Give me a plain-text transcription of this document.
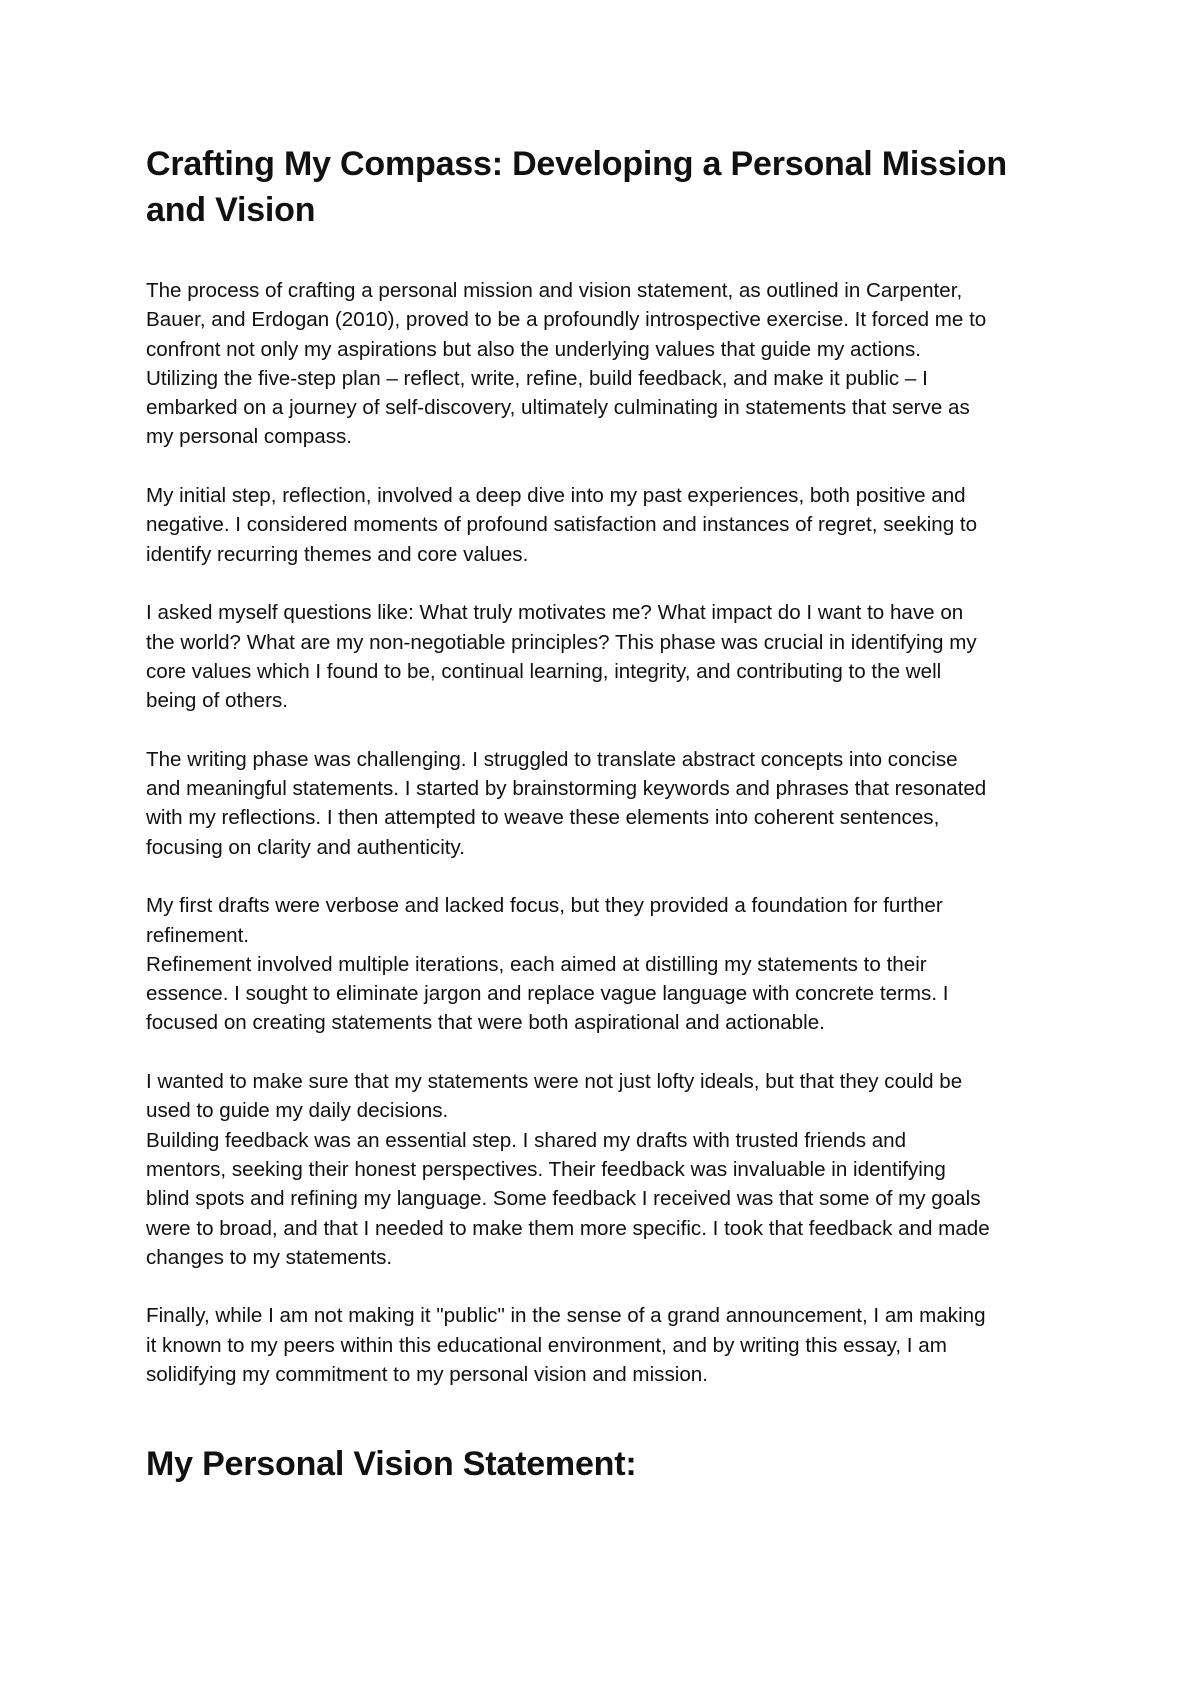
Crafting My Compass: Developing a Personal Mission
and Vision

The process of crafting a personal mission and vision statement, as outlined in Carpenter,
Bauer, and Erdogan (2010), proved to be a profoundly introspective exercise. It forced me to
confront not only my aspirations but also the underlying values that guide my actions.
Utilizing the five-step plan – reflect, write, refine, build feedback, and make it public – I
embarked on a journey of self-discovery, ultimately culminating in statements that serve as
my personal compass.

My initial step, reflection, involved a deep dive into my past experiences, both positive and
negative. I considered moments of profound satisfaction and instances of regret, seeking to
identify recurring themes and core values.

I asked myself questions like: What truly motivates me? What impact do I want to have on
the world? What are my non-negotiable principles? This phase was crucial in identifying my
core values which I found to be, continual learning, integrity, and contributing to the well
being of others.

The writing phase was challenging. I struggled to translate abstract concepts into concise
and meaningful statements. I started by brainstorming keywords and phrases that resonated
with my reflections. I then attempted to weave these elements into coherent sentences,
focusing on clarity and authenticity.

My first drafts were verbose and lacked focus, but they provided a foundation for further
refinement.
Refinement involved multiple iterations, each aimed at distilling my statements to their
essence. I sought to eliminate jargon and replace vague language with concrete terms. I
focused on creating statements that were both aspirational and actionable.

I wanted to make sure that my statements were not just lofty ideals, but that they could be
used to guide my daily decisions.
Building feedback was an essential step. I shared my drafts with trusted friends and
mentors, seeking their honest perspectives. Their feedback was invaluable in identifying
blind spots and refining my language. Some feedback I received was that some of my goals
were to broad, and that I needed to make them more specific. I took that feedback and made
changes to my statements.

Finally, while I am not making it "public" in the sense of a grand announcement, I am making
it known to my peers within this educational environment, and by writing this essay, I am
solidifying my commitment to my personal vision and mission.

My Personal Vision Statement:
